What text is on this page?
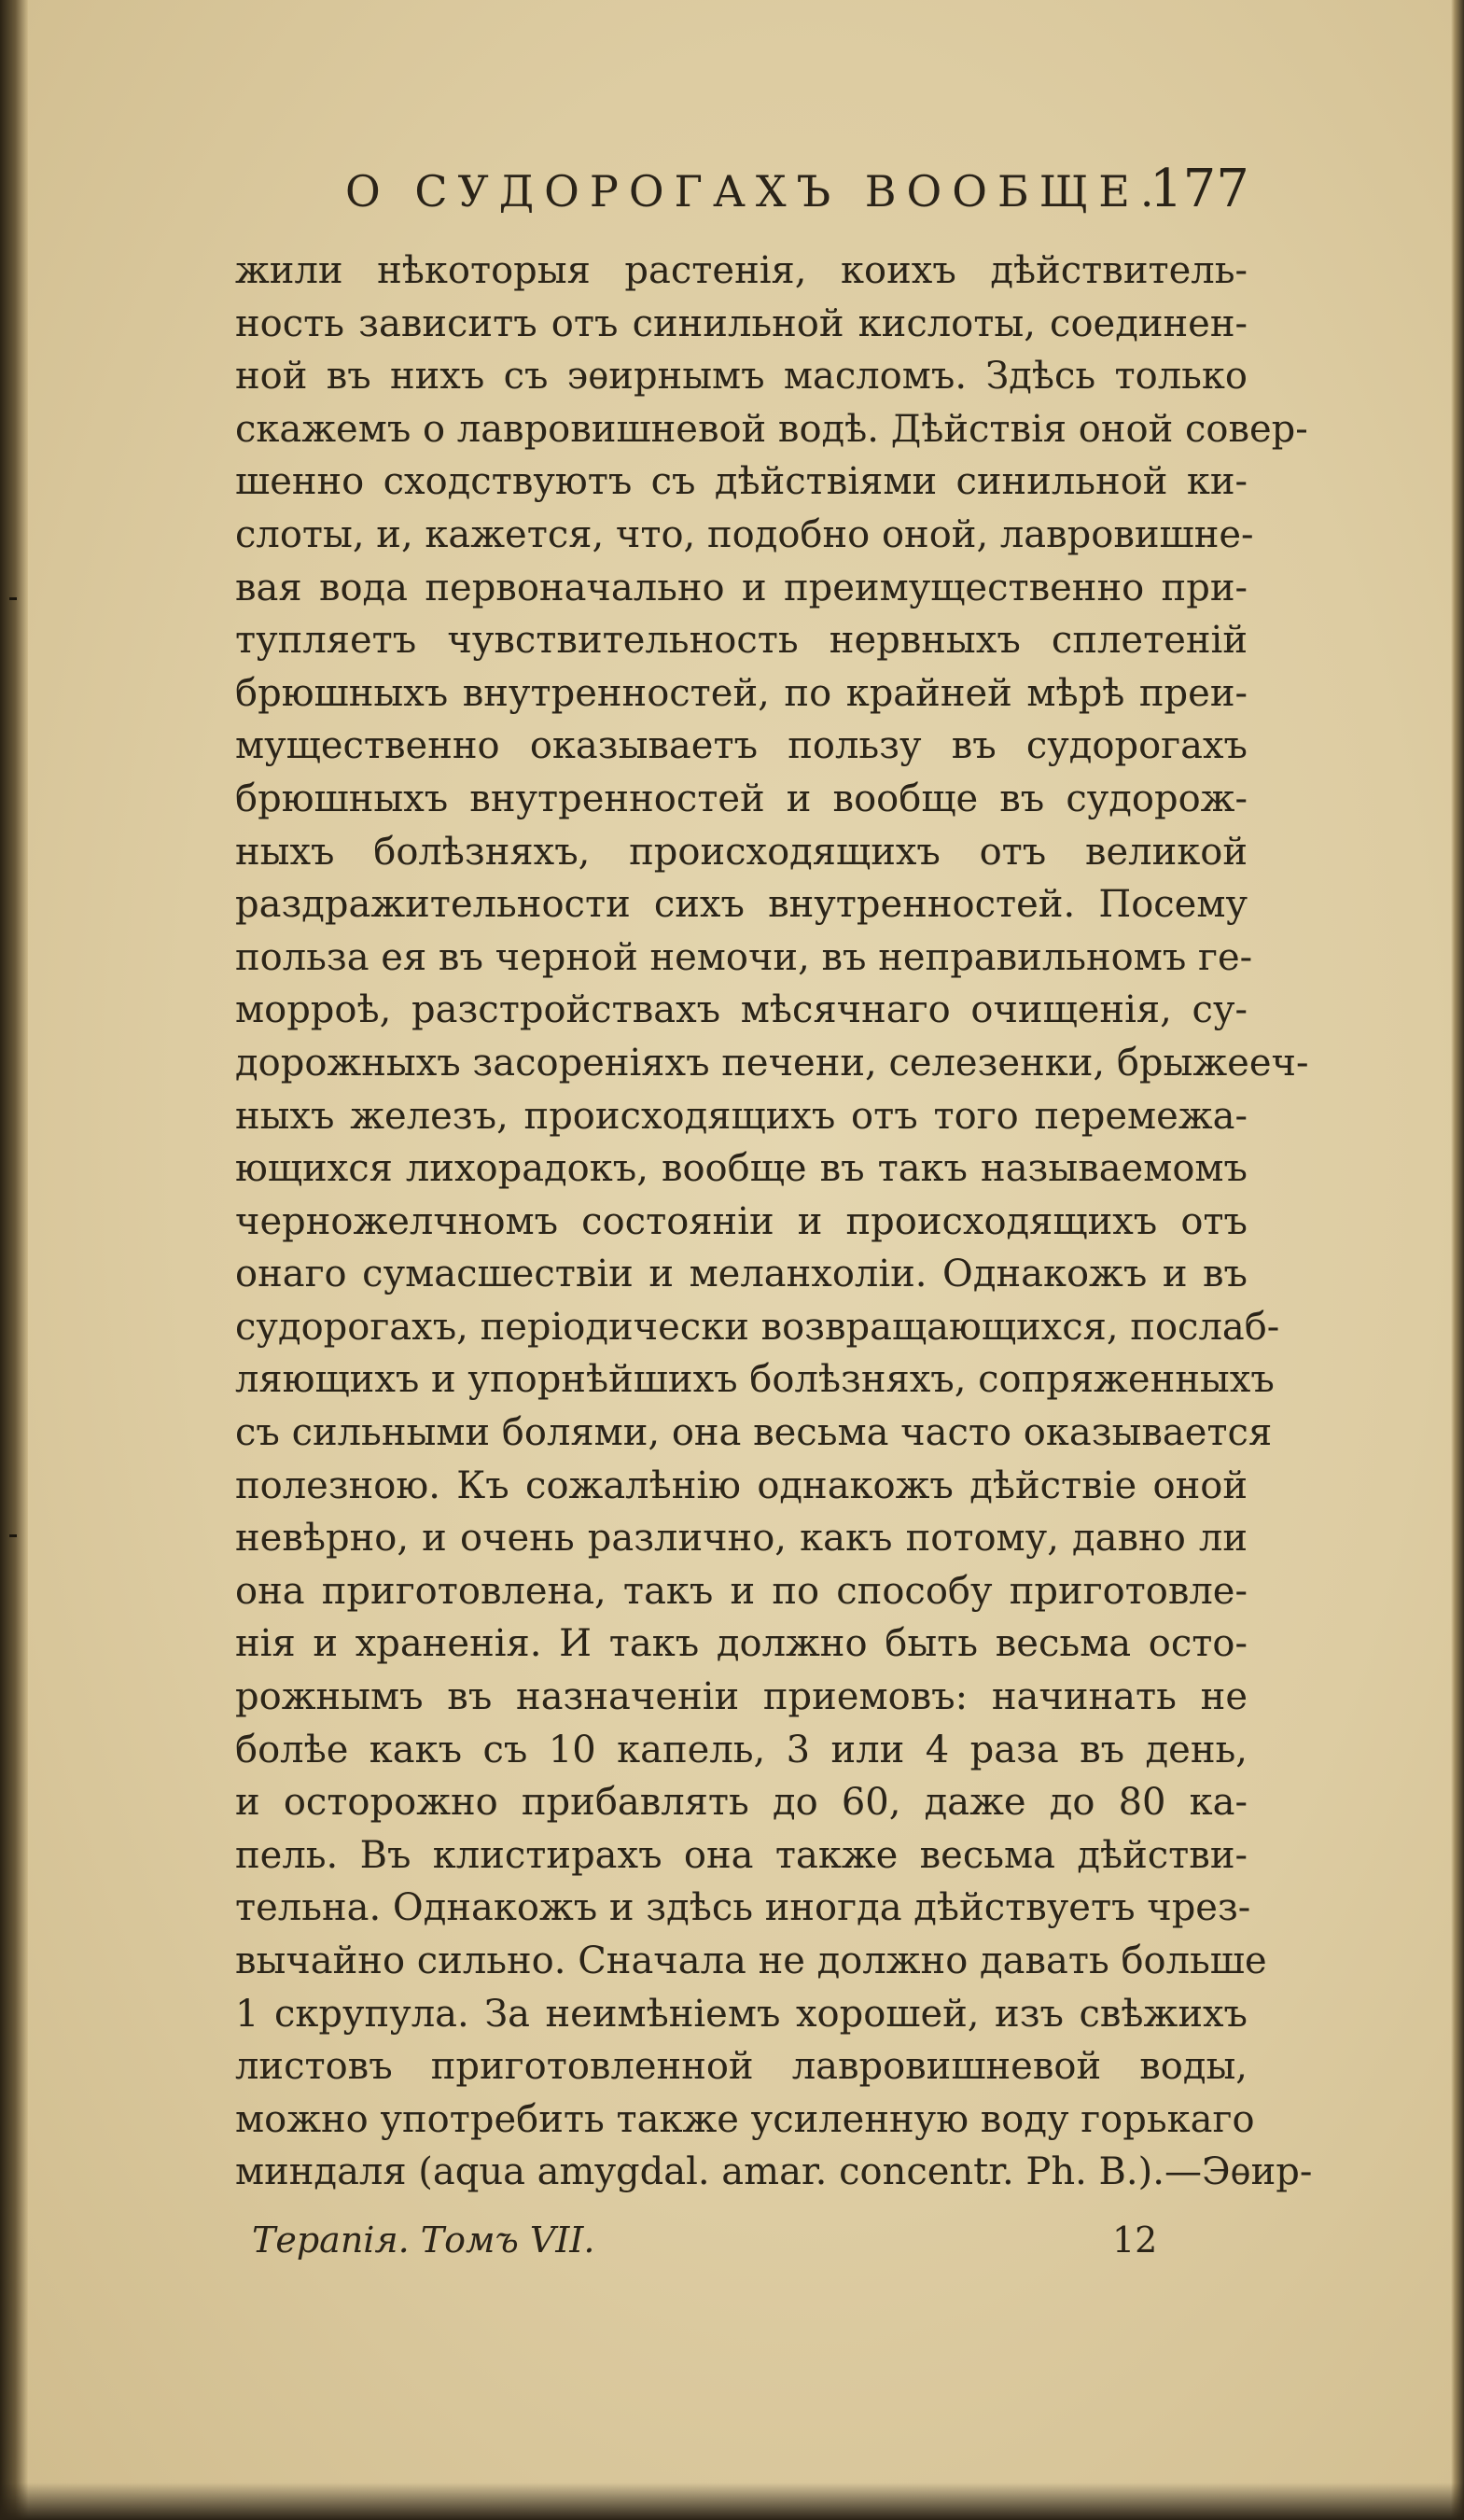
О СУДОРОГАХЪ ВООБЩЕ.
177
жили нѣкоторыя растенія, коихъ дѣйствитель-
ность зависитъ отъ синильной кислоты, соединен-
ной въ нихъ съ эѳирнымъ масломъ. Здѣсь только
скажемъ о лавровишневой водѣ. Дѣйствія оной совер-
шенно сходствуютъ съ дѣйствіями синильной ки-
слоты, и, кажется, что, подобно оной, лавровишне-
вая вода первоначально и преимущественно при-
тупляетъ чувствительность нервныхъ сплетеній
брюшныхъ внутренностей, по крайней мѣрѣ преи-
мущественно оказываетъ пользу въ судорогахъ
брюшныхъ внутренностей и вообще въ судорож-
ныхъ болѣзняхъ, происходящихъ отъ великой
раздражительности сихъ внутренностей. Посему
польза ея въ черной немочи, въ неправильномъ ге-
морроѣ, разстройствахъ мѣсячнаго очищенія, су-
дорожныхъ засореніяхъ печени, селезенки, брыжееч-
ныхъ железъ, происходящихъ отъ того перемежа-
ющихся лихорадокъ, вообще въ такъ называемомъ
черножелчномъ состояніи и происходящихъ отъ
онаго сумасшествіи и меланхоліи. Однакожъ и въ
судорогахъ, періодически возвращающихся, послаб-
ляющихъ и упорнѣйшихъ болѣзняхъ, сопряженныхъ
съ сильными болями, она весьма часто оказывается
полезною. Къ сожалѣнію однакожъ дѣйствіе оной
невѣрно, и очень различно, какъ потому, давно ли
она приготовлена, такъ и по способу приготовле-
нія и храненія. И такъ должно быть весьма осто-
рожнымъ въ назначеніи приемовъ: начинать не
болѣе какъ съ 10 капель, 3 или 4 раза въ день,
и осторожно прибавлять до 60, даже до 80 ка-
пель. Въ клистирахъ она также весьма дѣйстви-
тельна. Однакожъ и здѣсь иногда дѣйствуетъ чрез-
вычайно сильно. Сначала не должно давать больше
1 скрупула. За неимѣніемъ хорошей, изъ свѣжихъ
листовъ приготовленной лавровишневой воды,
можно употребить также усиленную воду горькаго
миндаля (aqua amygdal. amar. concentr. Ph. B.).—Эѳир-
Терапія. Томъ VII.	12
